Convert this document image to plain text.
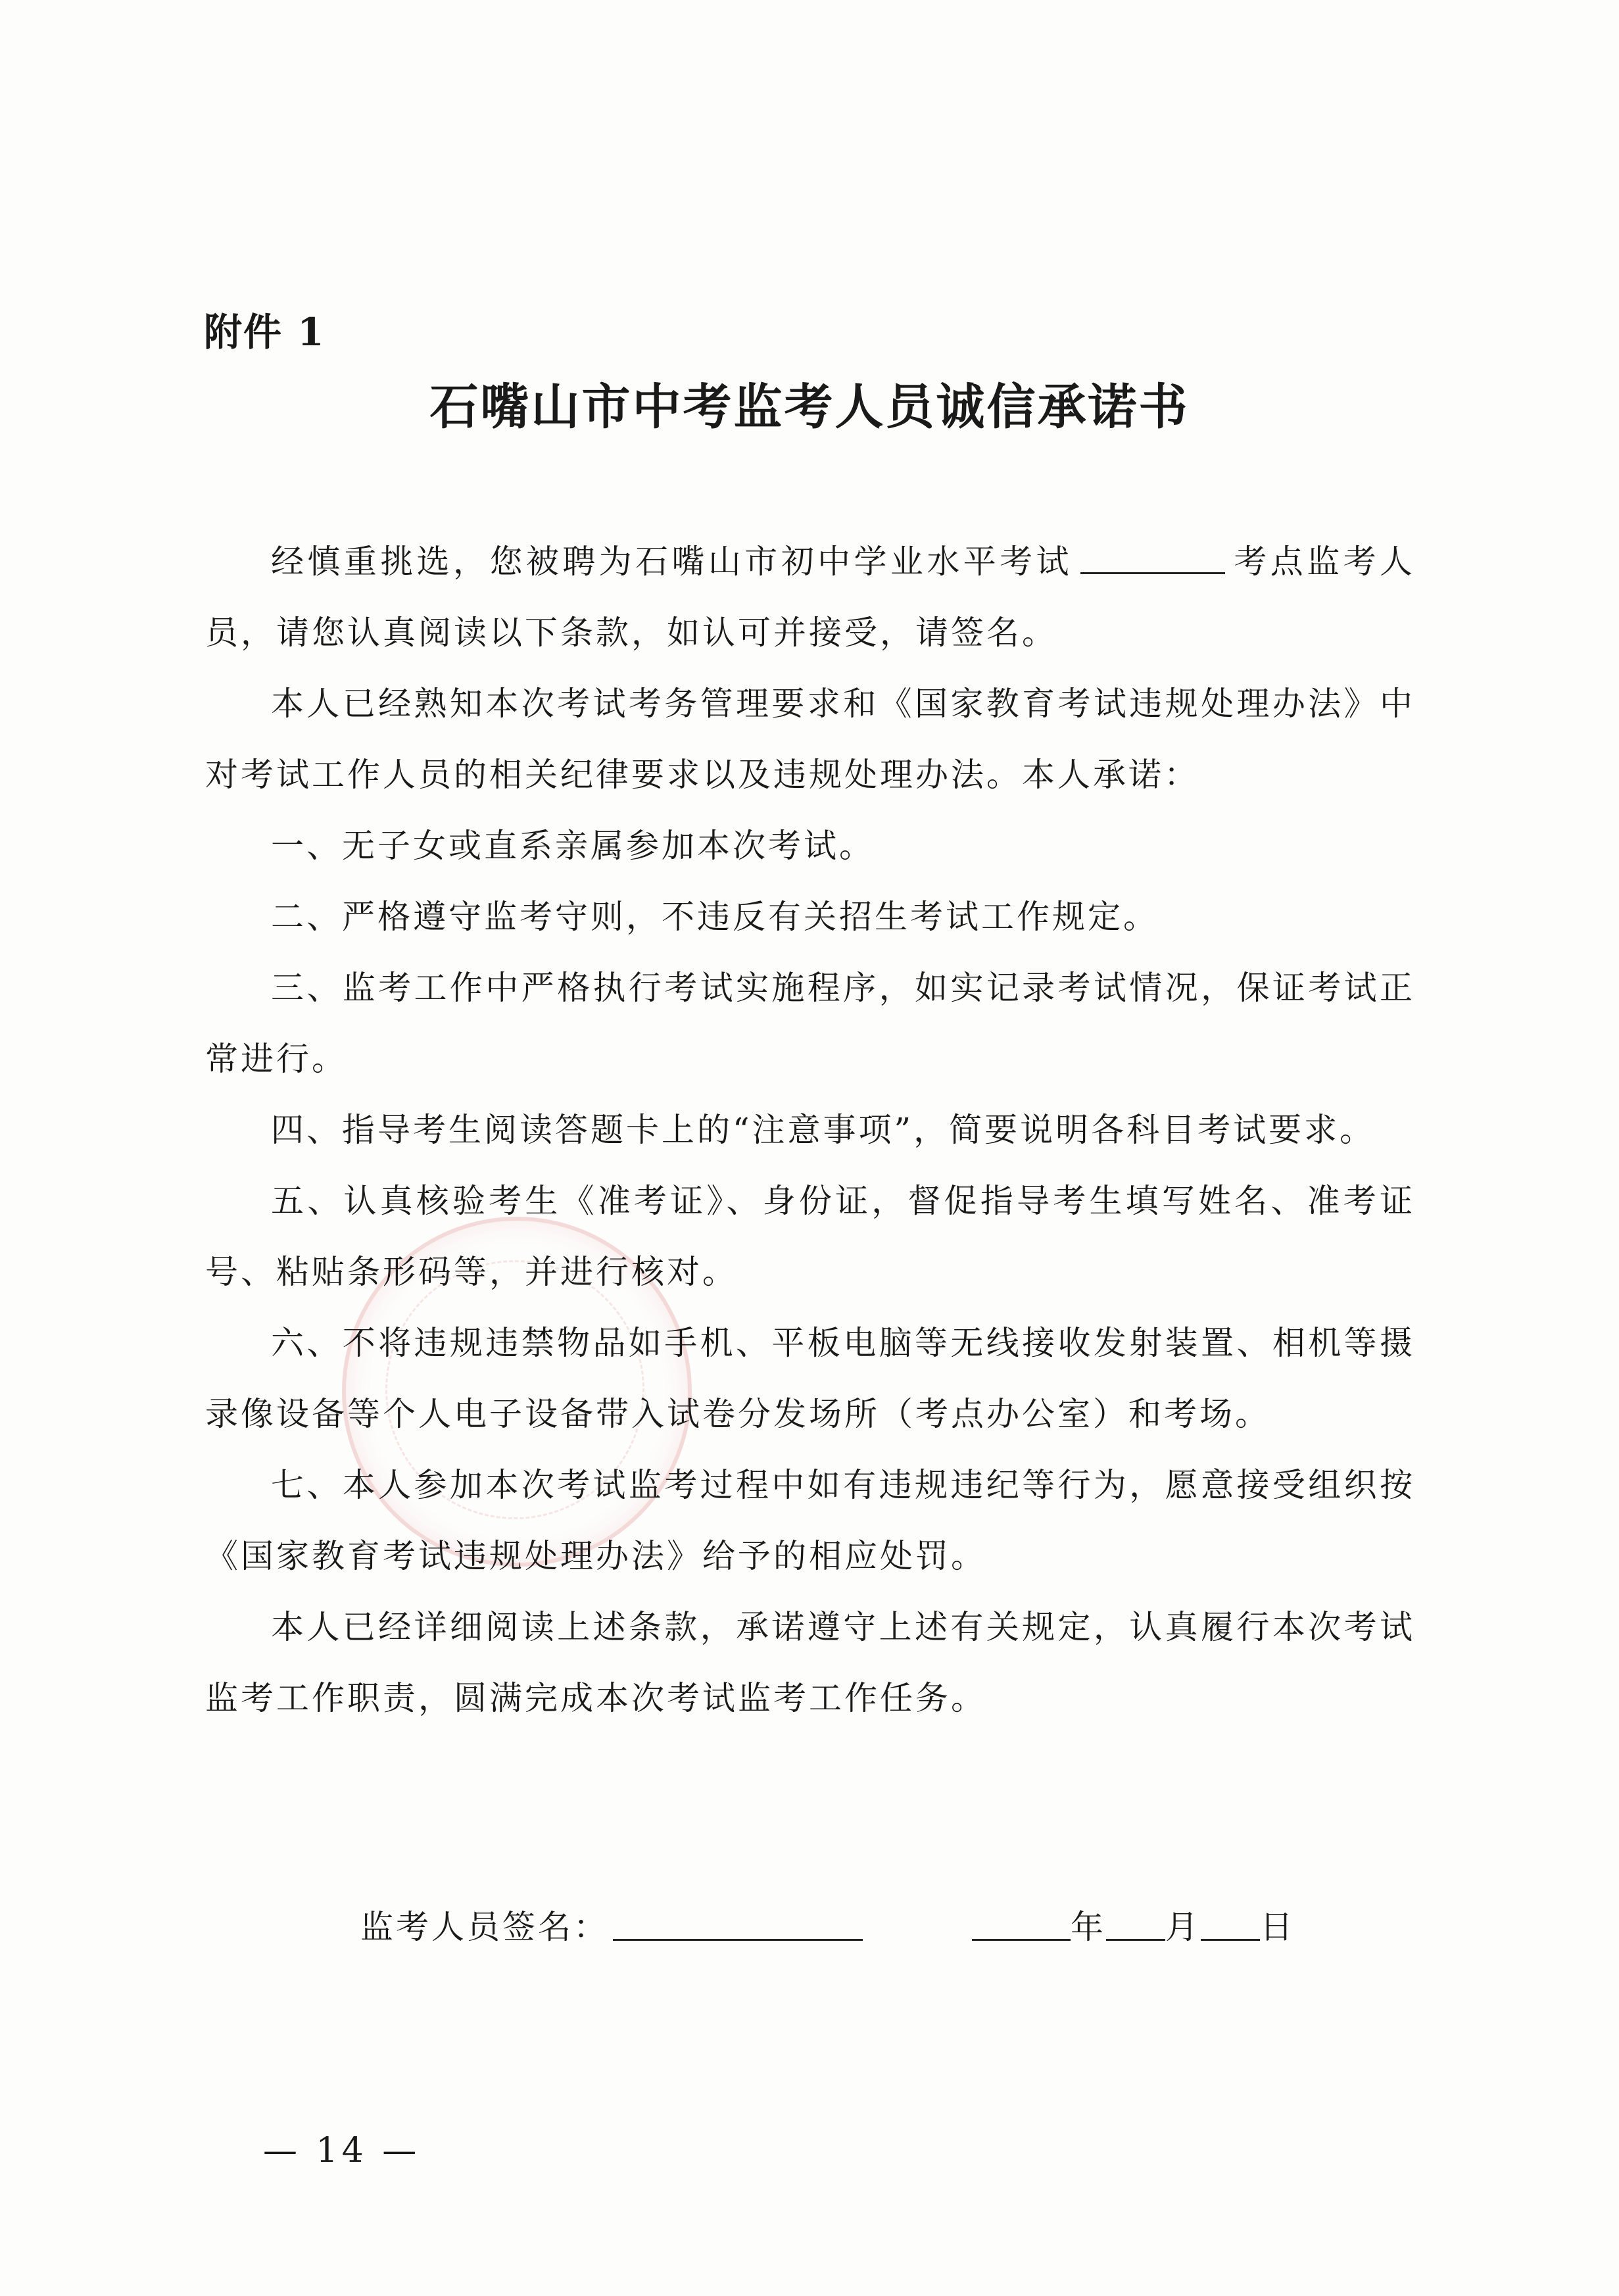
附件 1
石嘴山市中考监考人员诚信承诺书

经慎重挑选，您被聘为石嘴山市初中学业水平考试	考点监考人员，请您认真阅读以下条款，如认可并接受，请签名。

本人已经熟知本次考试考务管理要求和《国家教育考试违规处理办法》中对考试工作人员的相关纪律要求以及违规处理办法。本人承诺：

一、无子女或直系亲属参加本次考试。

二、严格遵守监考守则，不违反有关招生考试工作规定。

三、监考工作中严格执行考试实施程序，如实记录考试情况，保证考试正常进行。

四、指导考生阅读答题卡上的“注意事项”，简要说明各科目考试要求。

五、认真核验考生《准考证》、身份证，督促指导考生填写姓名、准考证号、粘贴条形码等，并进行核对。

六、不将违规违禁物品如手机、平板电脑等无线接收发射装置、相机等摄录像设备等个人电子设备带入试卷分发场所（考点办公室）和考场。

七、本人参加本次考试监考过程中如有违规违纪等行为，愿意接受组织按《国家教育考试违规处理办法》给予的相应处罚。

本人已经详细阅读上述条款，承诺遵守上述有关规定，认真履行本次考试监考工作职责，圆满完成本次考试监考工作任务。

监考人员签名：	年 月 日
— 14 —
